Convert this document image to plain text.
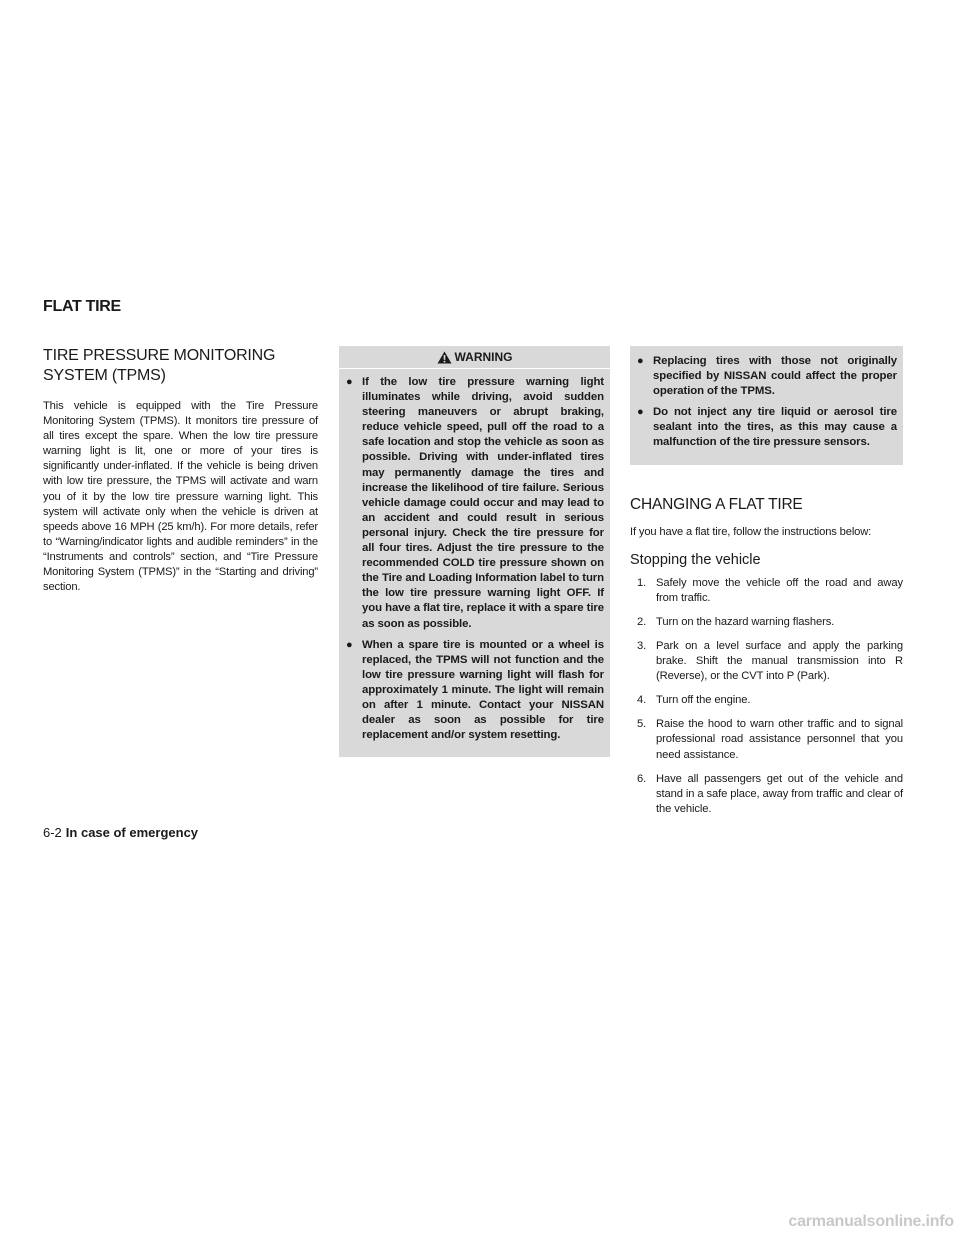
FLAT TIRE
TIRE PRESSURE MONITORING
SYSTEM (TPMS)

This vehicle is equipped with the Tire Pressure Monitoring System (TPMS). It monitors tire pressure of all tires except the spare. When the low tire pressure warning light is lit, one or more of your tires is significantly under-inflated. If the vehicle is being driven with low tire pressure, the TPMS will activate and warn you of it by the low tire pressure warning light. This system will activate only when the vehicle is driven at speeds above 16 MPH (25 km/h). For more details, refer to “Warning/indicator lights and audible reminders” in the “Instruments and controls” section, and “Tire Pressure Monitoring System (TPMS)” in the “Starting and driving” section.

WARNING
● If the low tire pressure warning light illuminates while driving, avoid sudden steering maneuvers or abrupt braking, reduce vehicle speed, pull off the road to a safe location and stop the vehicle as soon as possible. Driving with under-inflated tires may permanently damage the tires and increase the likelihood of tire failure. Serious vehicle damage could occur and may lead to an accident and could result in serious personal injury. Check the tire pressure for all four tires. Adjust the tire pressure to the recommended COLD tire pressure shown on the Tire and Loading Information label to turn the low tire pressure warning light OFF. If you have a flat tire, replace it with a spare tire as soon as possible.
● When a spare tire is mounted or a wheel is replaced, the TPMS will not function and the low tire pressure warning light will flash for approximately 1 minute. The light will remain on after 1 minute. Contact your NISSAN dealer as soon as possible for tire replacement and/or system resetting.
● Replacing tires with those not originally specified by NISSAN could affect the proper operation of the TPMS.
● Do not inject any tire liquid or aerosol tire sealant into the tires, as this may cause a malfunction of the tire pressure sensors.
CHANGING A FLAT TIRE

If you have a flat tire, follow the instructions below:

Stopping the vehicle
1. Safely move the vehicle off the road and away from traffic.
2. Turn on the hazard warning flashers.
3. Park on a level surface and apply the parking brake. Shift the manual transmission into R (Reverse), or the CVT into P (Park).
4. Turn off the engine.
5. Raise the hood to warn other traffic and to signal professional road assistance personnel that you need assistance.
6. Have all passengers get out of the vehicle and stand in a safe place, away from traffic and clear of the vehicle.
6-2 In case of emergency
carmanualsonline.info
